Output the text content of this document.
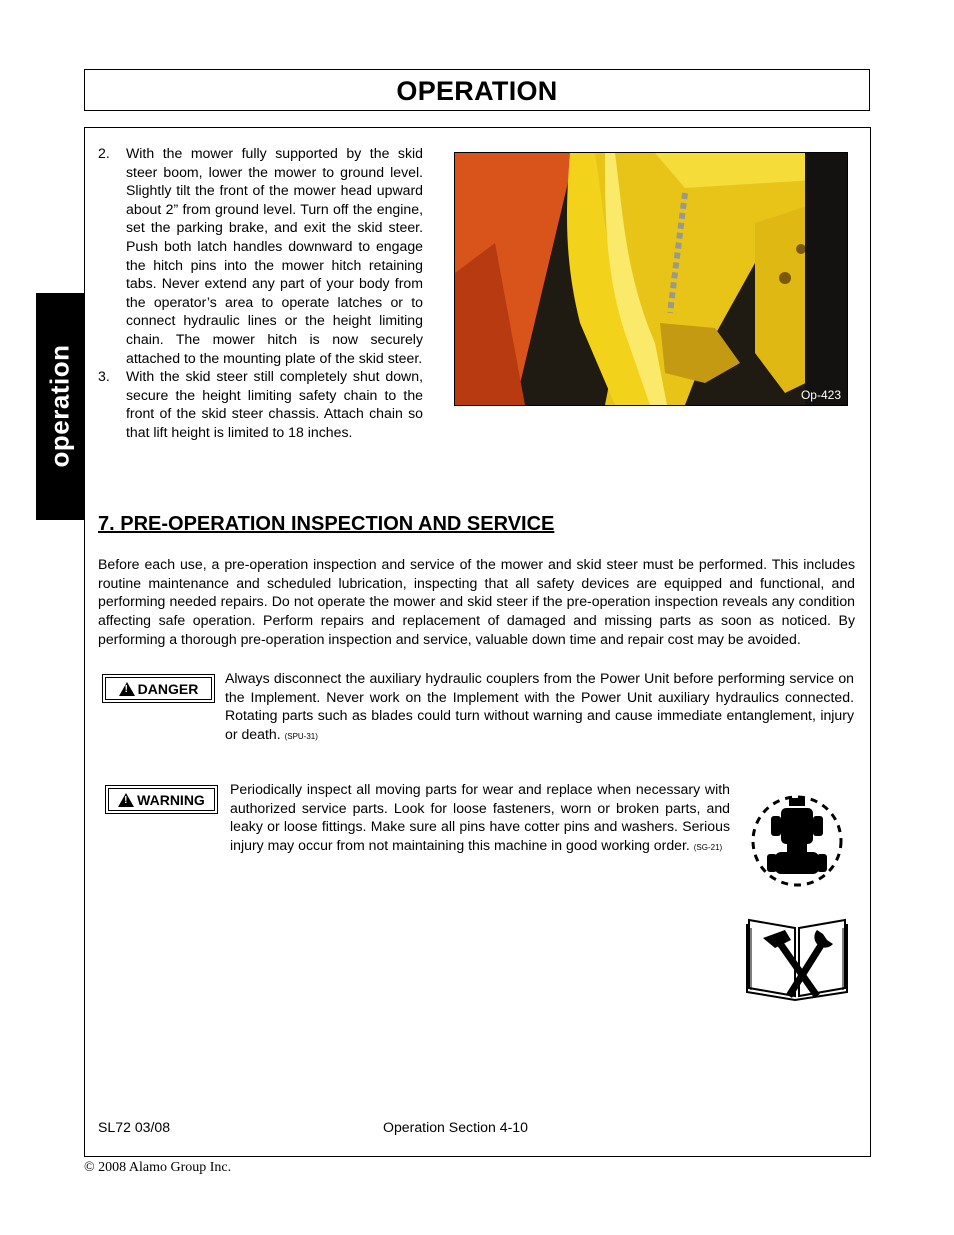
OPERATION
operation
2. With the mower fully supported by the skid steer boom, lower the mower to ground level. Slightly tilt the front of the mower head upward about 2” from ground level. Turn off the engine, set the parking brake, and exit the skid steer. Push both latch handles downward to engage the hitch pins into the mower hitch retaining tabs. Never extend any part of your body from the operator’s area to operate latches or to connect hydraulic lines or the height limiting chain. The mower hitch is now securely attached to the mounting plate of the skid steer.
3. With the skid steer still completely shut down, secure the height limiting safety chain to the front of the skid steer chassis. Attach chain so that lift height is limited to 18 inches.
Op-423
7. PRE-OPERATION INSPECTION AND SERVICE
Before each use, a pre-operation inspection and service of the mower and skid steer must be performed. This includes routine maintenance and scheduled lubrication, inspecting that all safety devices are equipped and functional, and performing needed repairs. Do not operate the mower and skid steer if the pre-operation inspection reveals any condition affecting safe operation. Perform repairs and replacement of damaged and missing parts as soon as noticed. By performing a thorough pre-operation inspection and service, valuable down time and repair cost may be avoided.
! DANGER
Always disconnect the auxiliary hydraulic couplers from the Power Unit before performing service on the Implement. Never work on the Implement with the Power Unit auxiliary hydraulics connected. Rotating parts such as blades could turn without warning and cause immediate entanglement, injury or death. (SPU-31)
! WARNING
Periodically inspect all moving parts for wear and replace when necessary with authorized service parts. Look for loose fasteners, worn or broken parts, and leaky or loose fittings. Make sure all pins have cotter pins and washers. Serious injury may occur from not maintaining this machine in good working order. (SG-21)
SL72 03/08	Operation Section 4-10
© 2008 Alamo Group Inc.
